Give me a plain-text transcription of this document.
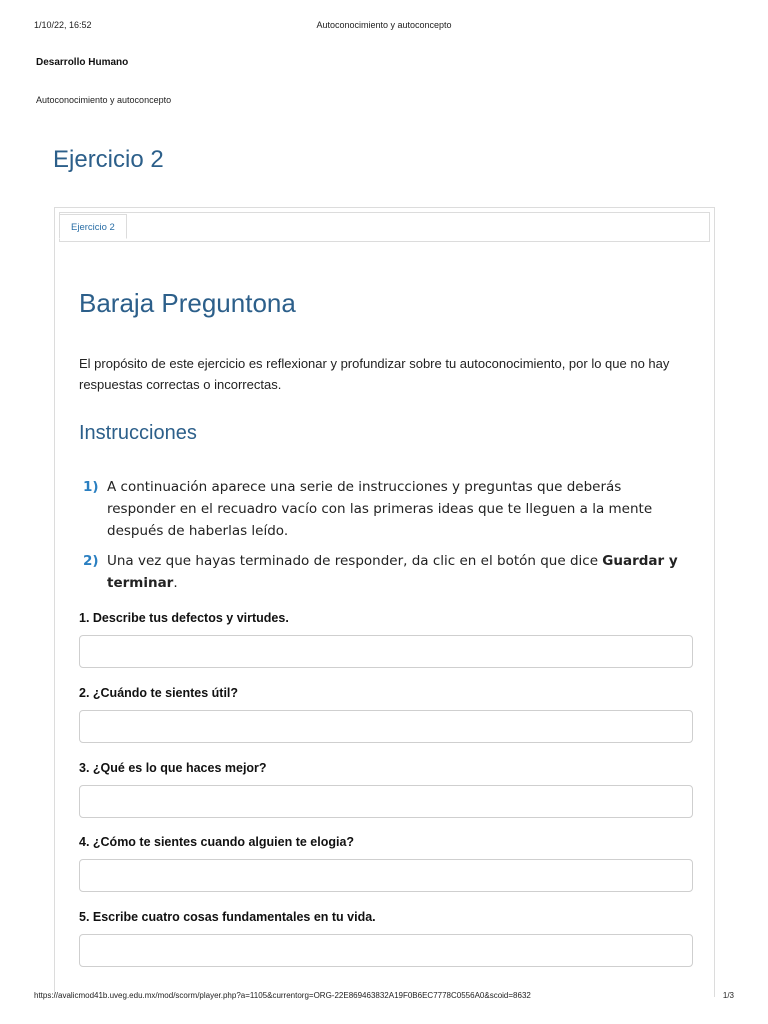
1/10/22, 16:52	Autoconocimiento y autoconcepto
Desarrollo Humano
Autoconocimiento y autoconcepto
Ejercicio 2
Ejercicio 2
Baraja Preguntona

El propósito de este ejercicio es reflexionar y profundizar sobre tu autoconocimiento, por lo que no hay respuestas correctas o incorrectas.

Instrucciones
1) A continuación aparece una serie de instrucciones y preguntas que deberás responder en el recuadro vacío con las primeras ideas que te lleguen a la mente después de haberlas leído.
2) Una vez que hayas terminado de responder, da clic en el botón que dice Guardar y terminar.
1. Describe tus defectos y virtudes.
2. ¿Cuándo te sientes útil?
3. ¿Qué es lo que haces mejor?
4. ¿Cómo te sientes cuando alguien te elogia?
5. Escribe cuatro cosas fundamentales en tu vida.
https://avalicmod41b.uveg.edu.mx/mod/scorm/player.php?a=1105&currentorg=ORG-22E869463832A19F0B6EC7778C0556A0&scoid=8632	1/3
